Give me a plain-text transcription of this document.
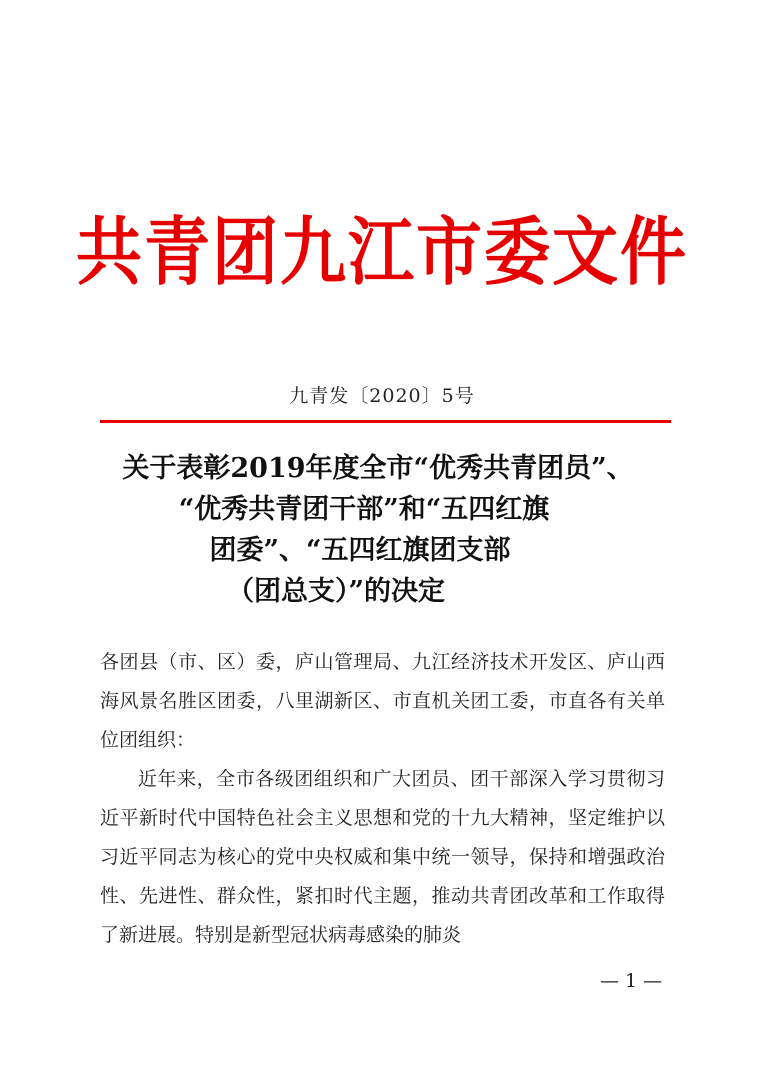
共青团九江市委文件
九青发〔2020〕5号
关于表彰2019年度全市“优秀共青团员”、
“优秀共青团干部”和“五四红旗
团委”、“五四红旗团支部
（团总支）”的决定

各团县（市、区）委，庐山管理局、九江经济技术开发区、庐山西海风景名胜区团委，八里湖新区、市直机关团工委，市直各有关单位团组织：

近年来，全市各级团组织和广大团员、团干部深入学习贯彻习近平新时代中国特色社会主义思想和党的十九大精神，坚定维护以习近平同志为核心的党中央权威和集中统一领导，保持和增强政治性、先进性、群众性，紧扣时代主题，推动共青团改革和工作取得了新进展。特别是新型冠状病毒感染的肺炎

— 1 —
